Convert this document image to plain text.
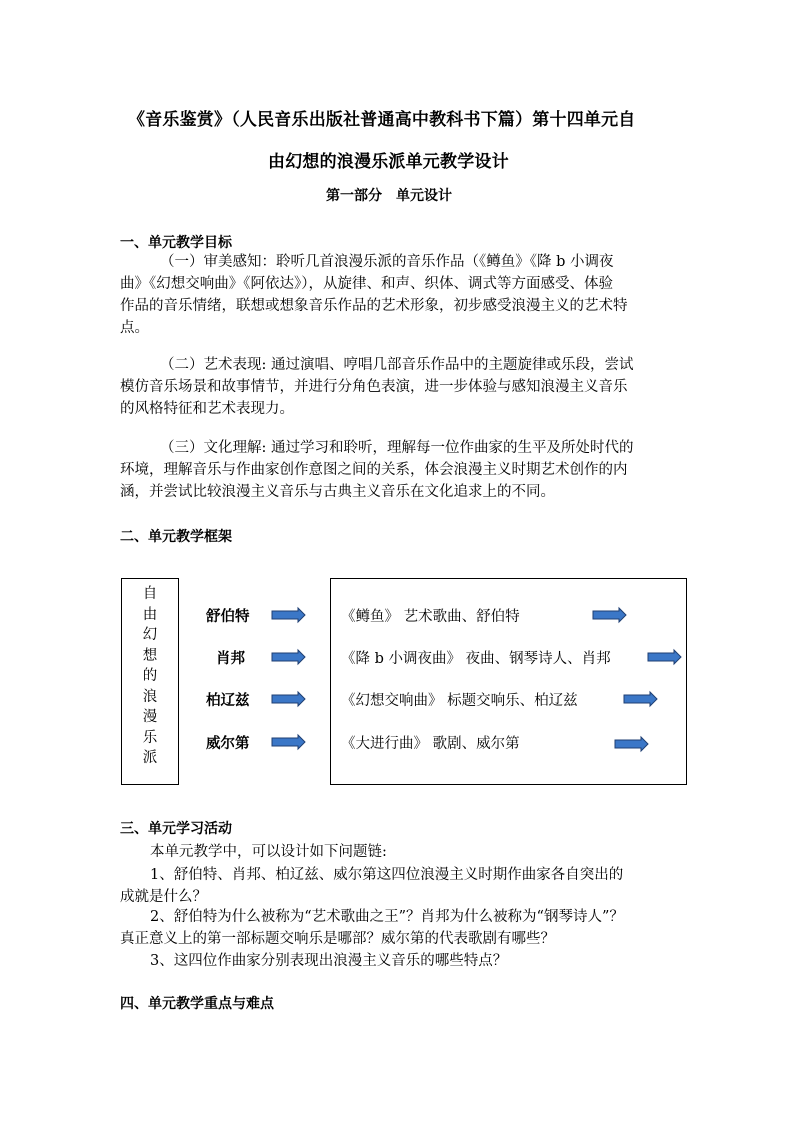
《音乐鉴赏》（人民音乐出版社普通高中教科书下篇）第十四单元自
由幻想的浪漫乐派单元教学设计
第一部分　单元设计
一、单元教学目标
（一）审美感知：聆听几首浪漫乐派的音乐作品（《鳟鱼》《降 b 小调夜
曲》《幻想交响曲》《阿依达》），从旋律、和声、织体、调式等方面感受、体验
作品的音乐情绪，联想或想象音乐作品的艺术形象，初步感受浪漫主义的艺术特
点。
（二）艺术表现: 通过演唱、哼唱几部音乐作品中的主题旋律或乐段，尝试
模仿音乐场景和故事情节，并进行分角色表演，进一步体验与感知浪漫主义音乐
的风格特征和艺术表现力。
（三）文化理解: 通过学习和聆听，理解每一位作曲家的生平及所处时代的
环境，理解音乐与作曲家创作意图之间的关系，体会浪漫主义时期艺术创作的内
涵，并尝试比较浪漫主义音乐与古典主义音乐在文化追求上的不同。
二、单元教学框架
自
由
幻
想
的
浪
漫
乐
派
舒伯特
肖邦
柏辽兹
威尔第
《鳟鱼》 艺术歌曲、舒伯特
《降 b 小调夜曲》 夜曲、钢琴诗人、肖邦
《幻想交响曲》 标题交响乐、柏辽兹
《大进行曲》 歌剧、威尔第
三、单元学习活动
本单元教学中，可以设计如下问题链:
1、舒伯特、肖邦、柏辽兹、威尔第这四位浪漫主义时期作曲家各自突出的
成就是什么？
2、舒伯特为什么被称为“艺术歌曲之王”？肖邦为什么被称为“钢琴诗人”？
真正意义上的第一部标题交响乐是哪部？威尔第的代表歌剧有哪些？
3、这四位作曲家分别表现出浪漫主义音乐的哪些特点？
四、单元教学重点与难点
